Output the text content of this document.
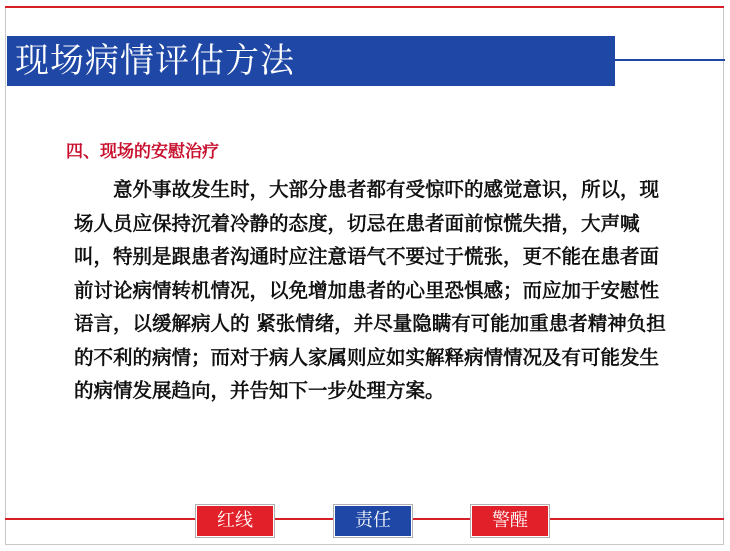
现场病情评估方法
四、现场的安慰治疗

意外事故发生时，大部分患者都有受惊吓的感觉意识，所以，现场人员应保持沉着冷静的态度，切忌在患者面前惊慌失措，大声喊叫，特别是跟患者沟通时应注意语气不要过于慌张，更不能在患者面前讨论病情转机情况，以免增加患者的心里恐惧感；而应加于安慰性语言，以缓解病人的 紧张情绪，并尽量隐瞒有可能加重患者精神负担的不利的病情；而对于病人家属则应如实解释病情情况及有可能发生的病情发展趋向，并告知下一步处理方案。

红线	责任	警醒
